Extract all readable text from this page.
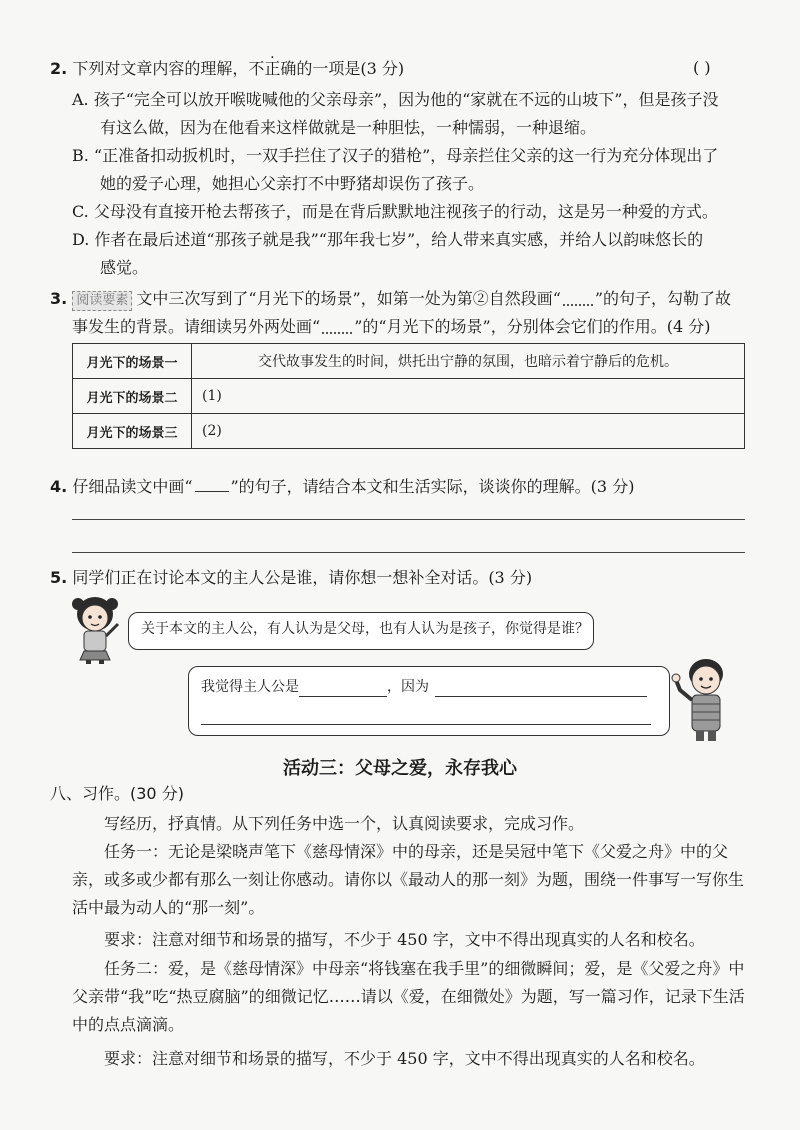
2. 下列对文章内容的理解，不正确的一项是(3 分)	( )
A. 孩子“完全可以放开喉咙喊他的父亲母亲”，因为他的“家就在不远的山坡下”，但是孩子没
有这么做，因为在他看来这样做就是一种胆怯，一种懦弱，一种退缩。
B. “正准备扣动扳机时，一双手拦住了汉子的猎枪”，母亲拦住父亲的这一行为充分体现出了
她的爱子心理，她担心父亲打不中野猪却误伤了孩子。
C. 父母没有直接开枪去帮孩子，而是在背后默默地注视孩子的行动，这是另一种爱的方式。
D. 作者在最后述道“那孩子就是我”“那年我七岁”，给人带来真实感，并给人以韵味悠长的
感觉。
3. 阅读要素 文中三次写到了“月光下的场景”，如第一处为第②自然段画“ ”的句子，勾勒了故
事发生的背景。请细读另外两处画“ ”的“月光下的场景”，分别体会它们的作用。(4 分)
月光下的场景一	交代故事发生的时间，烘托出宁静的氛围，也暗示着宁静后的危机。
月光下的场景二	(1)
月光下的场景三	(2)
4. 仔细品读文中画“ ”的句子，请结合本文和生活实际，谈谈你的理解。(3 分)
5. 同学们正在讨论本文的主人公是谁，请你想一想补全对话。(3 分)
关于本文的主人公，有人认为是父母，也有人认为是孩子，你觉得是谁？
我觉得主人公是	，因为
活动三：父母之爱，永存我心
八、习作。(30 分)
写经历，抒真情。从下列任务中选一个，认真阅读要求，完成习作。
任务一：无论是梁晓声笔下《慈母情深》中的母亲，还是吴冠中笔下《父爱之舟》中的父亲，或多或少都有那么一刻让你感动。请你以《最动人的那一刻》为题，围绕一件事写一写你生活中最为动人的“那一刻”。
要求：注意对细节和场景的描写，不少于 450 字，文中不得出现真实的人名和校名。
任务二：爱，是《慈母情深》中母亲“将钱塞在我手里”的细微瞬间；爱，是《父爱之舟》中父亲带“我”吃“热豆腐脑”的细微记忆……请以《爱，在细微处》为题，写一篇习作，记录下生活中的点点滴滴。
要求：注意对细节和场景的描写，不少于 450 字，文中不得出现真实的人名和校名。
